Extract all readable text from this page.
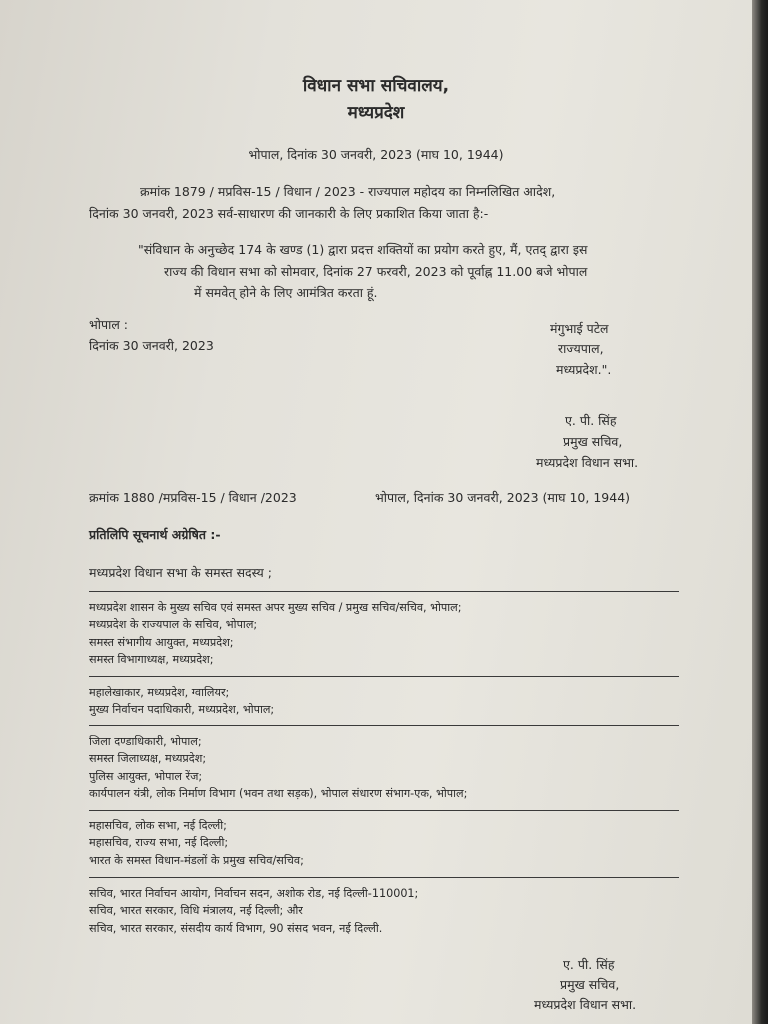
विधान सभा सचिवालय,
मध्यप्रदेश
भोपाल, दिनांक 30 जनवरी, 2023 (माघ 10, 1944)
क्रमांक 1879 / मप्रविस-15 / विधान / 2023 - राज्यपाल महोदय का निम्नलिखित आदेश,
दिनांक 30 जनवरी, 2023 सर्व-साधारण की जानकारी के लिए प्रकाशित किया जाता है:-
"संविधान के अनुच्छेद 174 के खण्ड (1) द्वारा प्रदत्त शक्तियों का प्रयोग करते हुए, मैं, एतद् द्वारा इस
राज्य की विधान सभा को सोमवार, दिनांक 27 फरवरी, 2023 को पूर्वाह्न 11.00 बजे भोपाल
में समवेत् होने के लिए आमंत्रित करता हूं.
भोपाल :
दिनांक 30 जनवरी, 2023
मंगुभाई पटेल
राज्यपाल,
मध्यप्रदेश.".
ए. पी. सिंह
प्रमुख सचिव,
मध्यप्रदेश विधान सभा.
क्रमांक 1880 /मप्रविस-15 / विधान /2023	भोपाल, दिनांक 30 जनवरी, 2023 (माघ 10, 1944)
प्रतिलिपि सूचनार्थ अग्रेषित :-
मध्यप्रदेश विधान सभा के समस्त सदस्य ;
मध्यप्रदेश शासन के मुख्य सचिव एवं समस्त अपर मुख्य सचिव / प्रमुख सचिव/सचिव, भोपाल;
मध्यप्रदेश के राज्यपाल के सचिव, भोपाल;
समस्त संभागीय आयुक्त, मध्यप्रदेश;
समस्त विभागाध्यक्ष, मध्यप्रदेश;
महालेखाकार, मध्यप्रदेश, ग्वालियर;
मुख्य निर्वाचन पदाधिकारी, मध्यप्रदेश, भोपाल;
जिला दण्डाधिकारी, भोपाल;
समस्त जिलाध्यक्ष, मध्यप्रदेश;
पुलिस आयुक्त, भोपाल रेंज;
कार्यपालन यंत्री, लोक निर्माण विभाग (भवन तथा सड़क), भोपाल संधारण संभाग-एक, भोपाल;
महासचिव, लोक सभा, नई दिल्ली;
महासचिव, राज्य सभा, नई दिल्ली;
भारत के समस्त विधान-मंडलों के प्रमुख सचिव/सचिव;
सचिव, भारत निर्वाचन आयोग, निर्वाचन सदन, अशोक रोड, नई दिल्ली-110001;
सचिव, भारत सरकार, विधि मंत्रालय, नई दिल्ली; और
सचिव, भारत सरकार, संसदीय कार्य विभाग, 90 संसद भवन, नई दिल्ली.
ए. पी. सिंह
प्रमुख सचिव,
मध्यप्रदेश विधान सभा.
